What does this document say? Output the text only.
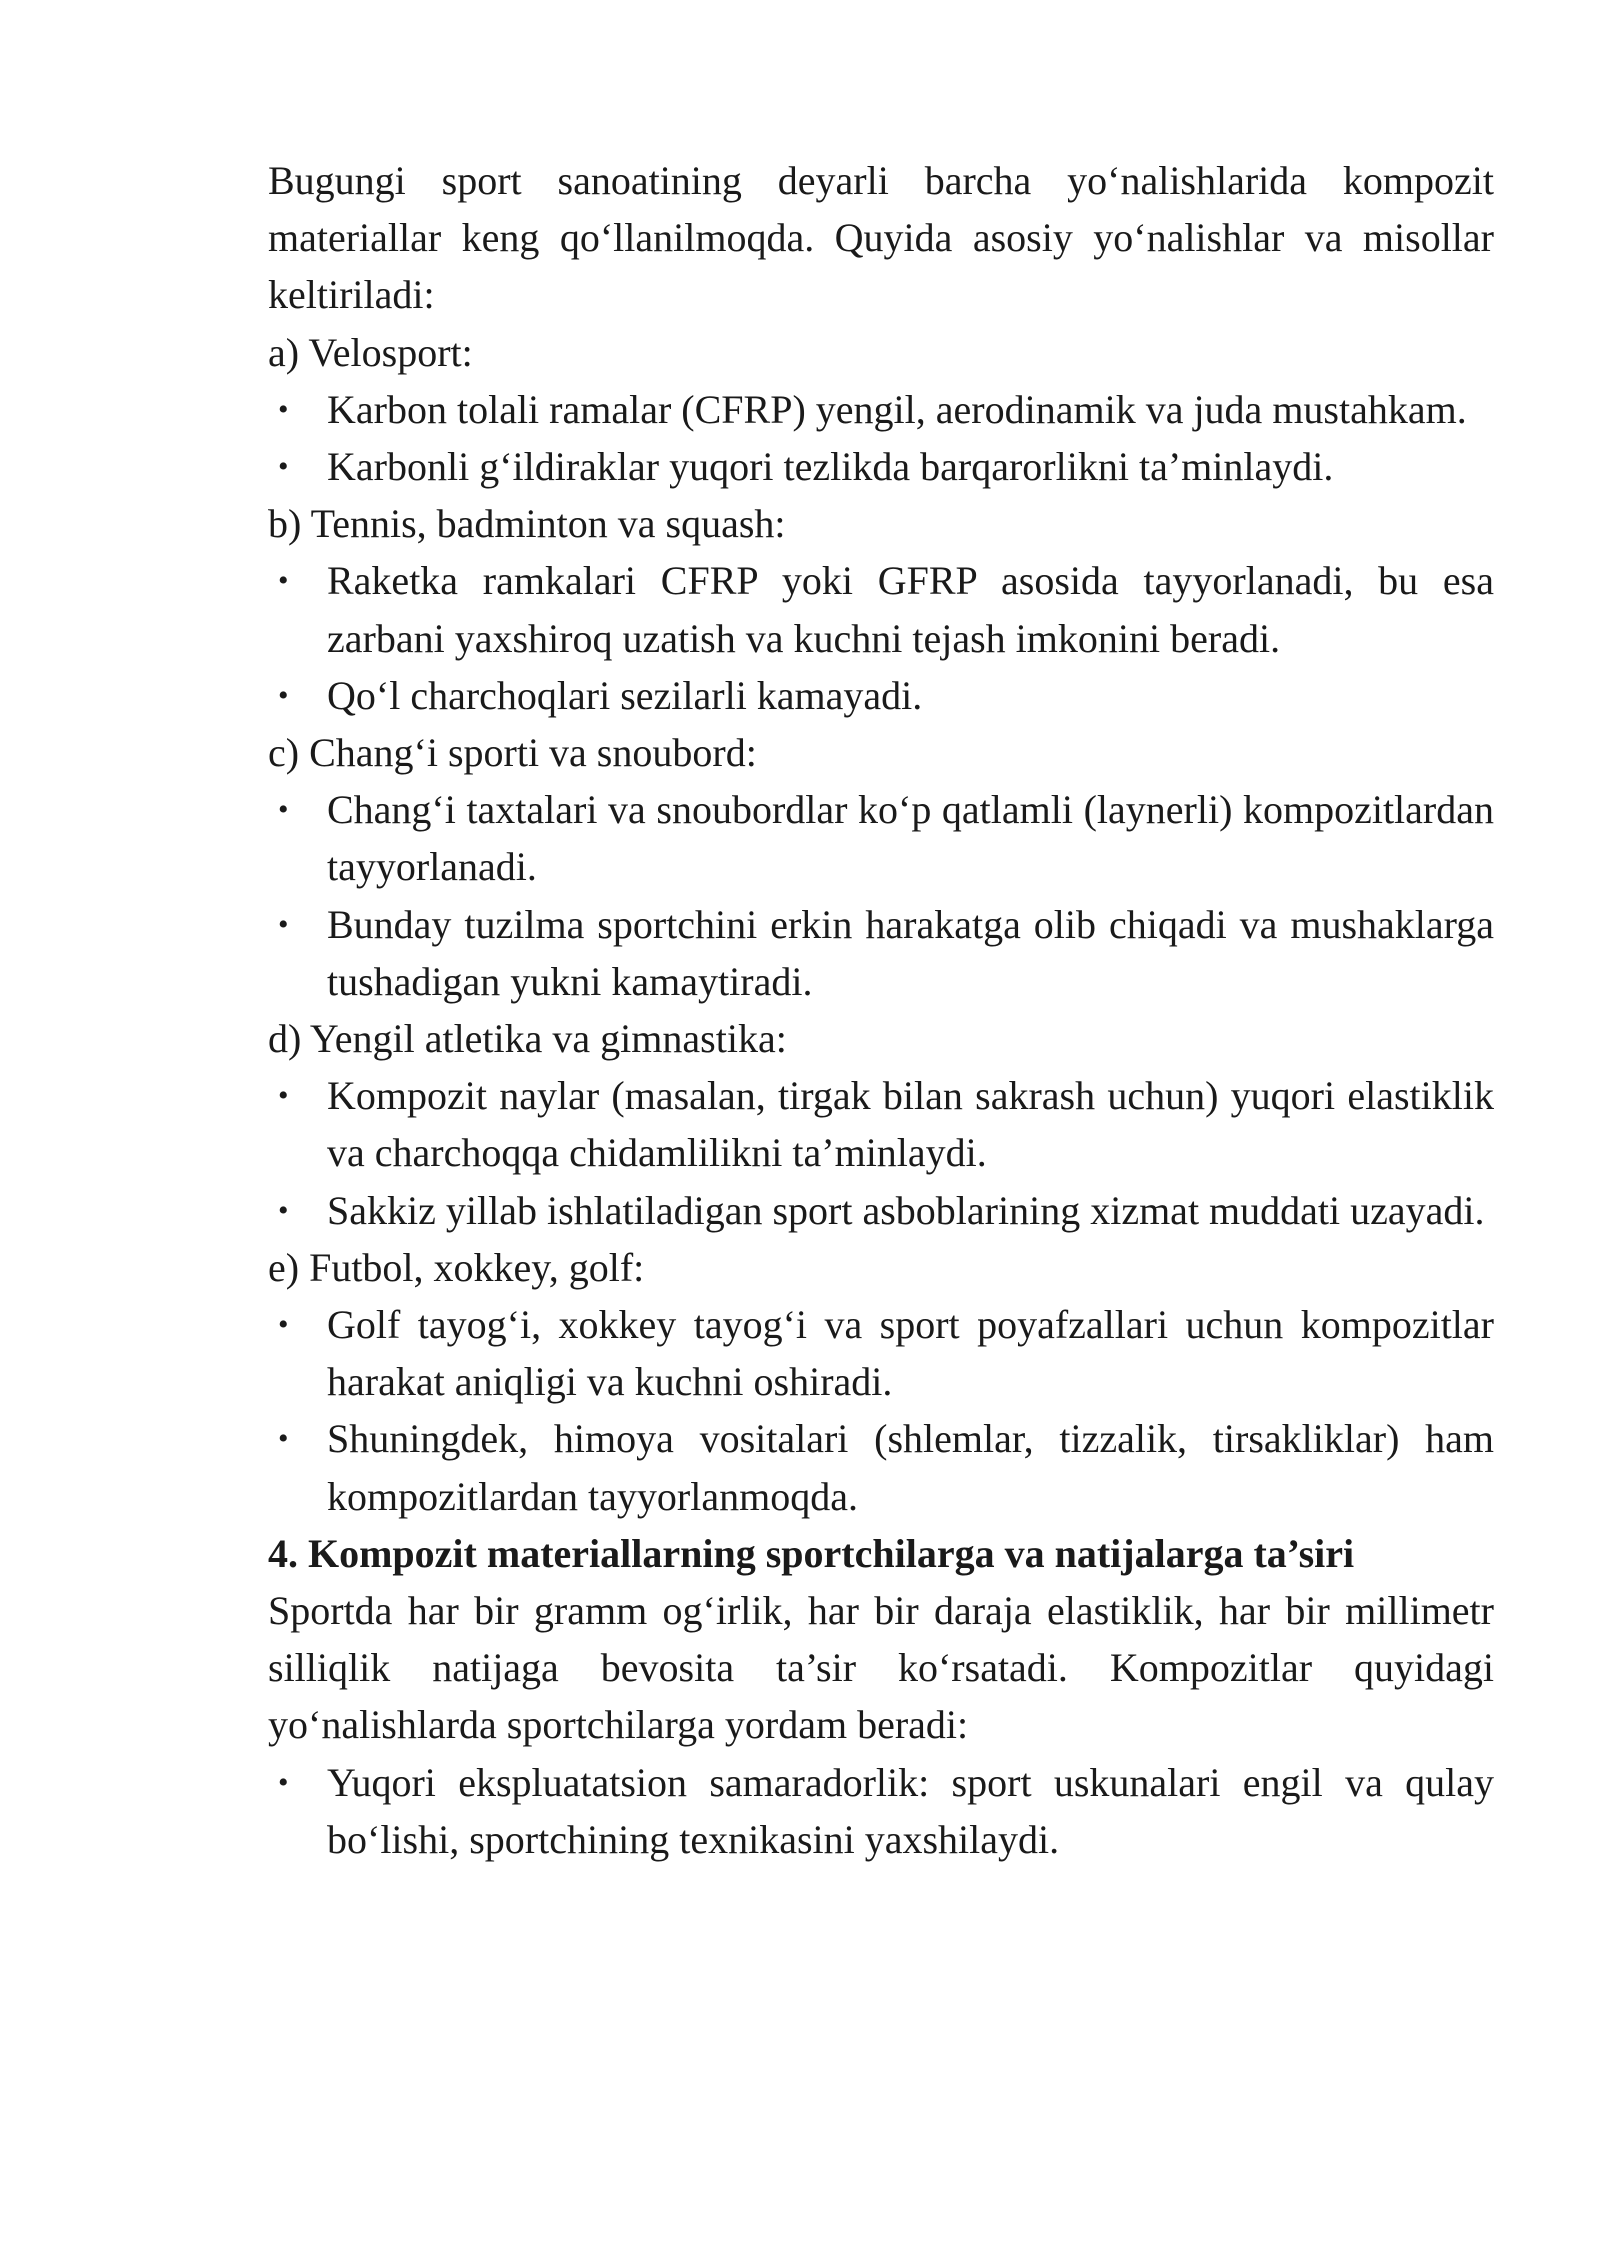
Bugungi sport sanoatining deyarli barcha yo‘nalishlarida kompozit materiallar keng qo‘llanilmoqda. Quyida asosiy yo‘nalishlar va misollar keltiriladi:

a) Velosport:

• Karbon tolali ramalar (CFRP) yengil, aerodinamik va juda mustahkam.
• Karbonli g‘ildiraklar yuqori tezlikda barqarorlikni ta’minlaydi.

b) Tennis, badminton va squash:

• Raketka ramkalari CFRP yoki GFRP asosida tayyorlanadi, bu esa zarbani yaxshiroq uzatish va kuchni tejash imkonini beradi.
• Qo‘l charchoqlari sezilarli kamayadi.

c) Chang‘i sporti va snoubord:

• Chang‘i taxtalari va snoubordlar ko‘p qatlamli (laynerli) kompozitlardan tayyorlanadi.
• Bunday tuzilma sportchini erkin harakatga olib chiqadi va mushaklarga tushadigan yukni kamaytiradi.

d) Yengil atletika va gimnastika:

• Kompozit naylar (masalan, tirgak bilan sakrash uchun) yuqori elastiklik va charchoqqa chidamlilikni ta’minlaydi.
• Sakkiz yillab ishlatiladigan sport asboblarining xizmat muddati uzayadi.

e) Futbol, xokkey, golf:

• Golf tayog‘i, xokkey tayog‘i va sport poyafzallari uchun kompozitlar harakat aniqligi va kuchni oshiradi.
• Shuningdek, himoya vositalari (shlemlar, tizzalik, tirsakliklar) ham kompozitlardan tayyorlanmoqda.

4. Kompozit materiallarning sportchilarga va natijalarga ta’siri

Sportda har bir gramm og‘irlik, har bir daraja elastiklik, har bir millimetr silliqlik natijaga bevosita ta’sir ko‘rsatadi. Kompozitlar quyidagi yo‘nalishlarda sportchilarga yordam beradi:

• Yuqori ekspluatatsion samaradorlik: sport uskunalari engil va qulay bo‘lishi, sportchining texnikasini yaxshilaydi.
